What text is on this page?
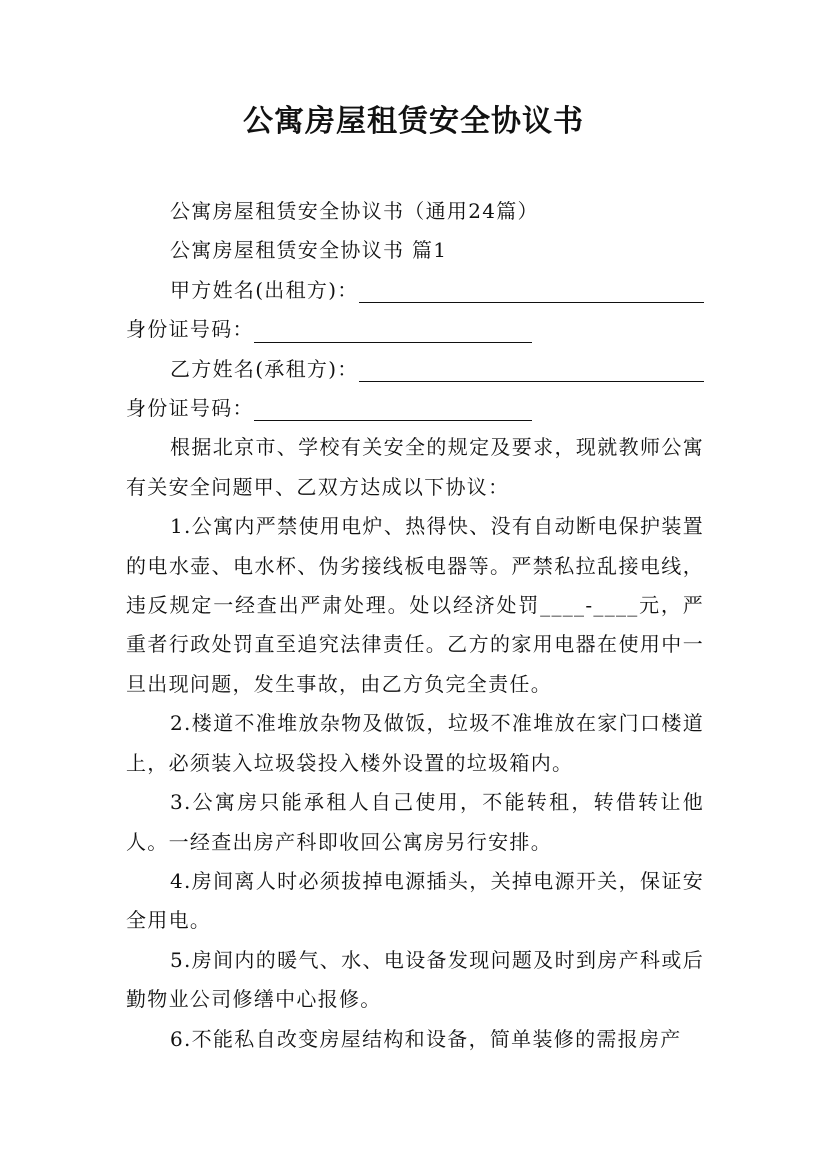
公寓房屋租赁安全协议书

公寓房屋租赁安全协议书（通用24篇）

公寓房屋租赁安全协议书 篇1

甲方姓名(出租方)：
身份证号码：
乙方姓名(承租方)：
身份证号码：

根据北京市、学校有关安全的规定及要求，现就教师公寓有关安全问题甲、乙双方达成以下协议：

1.公寓内严禁使用电炉、热得快、没有自动断电保护装置的电水壶、电水杯、伪劣接线板电器等。严禁私拉乱接电线，违反规定一经查出严肃处理。处以经济处罚____-____元，严重者行政处罚直至追究法律责任。乙方的家用电器在使用中一旦出现问题，发生事故，由乙方负完全责任。

2.楼道不准堆放杂物及做饭，垃圾不准堆放在家门口楼道上，必须装入垃圾袋投入楼外设置的垃圾箱内。

3.公寓房只能承租人自己使用，不能转租，转借转让他人。一经查出房产科即收回公寓房另行安排。

4.房间离人时必须拔掉电源插头，关掉电源开关，保证安全用电。

5.房间内的暖气、水、电设备发现问题及时到房产科或后勤物业公司修缮中心报修。

6.不能私自改变房屋结构和设备，简单装修的需报房产
